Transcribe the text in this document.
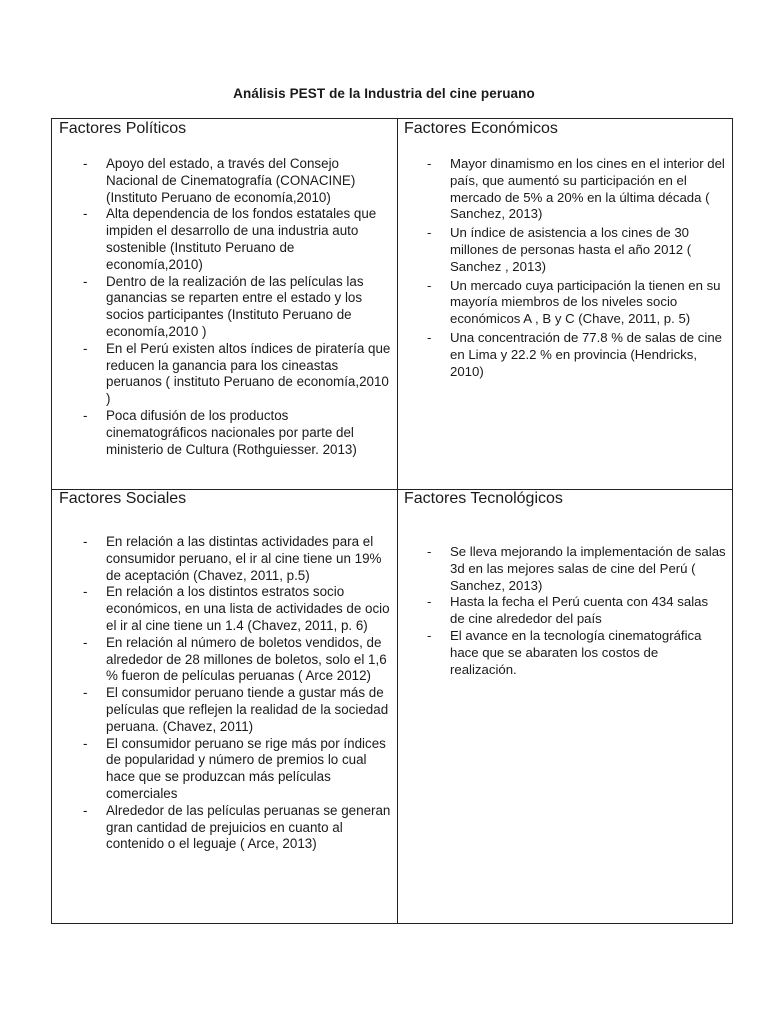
Análisis PEST de la Industria del cine peruano
Factores Políticos
-	Apoyo del estado, a través del Consejo Nacional de Cinematografía (CONACINE) (Instituto Peruano de economía,2010)
-	Alta dependencia de los fondos estatales que impiden el desarrollo de una industria auto sostenible (Instituto Peruano de economía,2010)
-	Dentro de la realización de las películas las ganancias se reparten entre el estado y los socios participantes (Instituto Peruano de economía,2010 )
-	En el Perú existen altos índices de piratería que reducen la ganancia para los cineastas peruanos ( instituto Peruano de economía,2010 )
-	Poca difusión de los productos cinematográficos nacionales por parte del ministerio de Cultura (Rothguiesser. 2013)
Factores Económicos
-	Mayor dinamismo en los cines en el interior del país, que aumentó su participación en el mercado de 5% a 20% en la última década ( Sanchez, 2013)
-	Un índice de asistencia a los cines de 30 millones de personas hasta el año 2012 ( Sanchez , 2013)
-	Un mercado cuya participación la tienen en su mayoría miembros de los niveles socio económicos A , B y C (Chave, 2011, p. 5)
-	Una concentración de 77.8 % de salas de cine en Lima y 22.2 % en provincia (Hendricks, 2010)
Factores Sociales
-	En relación a las distintas actividades para el consumidor peruano, el ir al cine tiene un 19% de aceptación (Chavez, 2011, p.5)
-	En relación a los distintos estratos socio económicos, en una lista de actividades de ocio el ir al cine tiene un 1.4 (Chavez, 2011, p. 6)
-	En relación al número de boletos vendidos, de alrededor de 28 millones de boletos, solo el 1,6 % fueron de películas peruanas ( Arce 2012)
-	El consumidor peruano tiende a gustar más de películas que reflejen la realidad de la sociedad peruana. (Chavez, 2011)
-	El consumidor peruano se rige más por índices de popularidad y número de premios lo cual hace que se produzcan más películas comerciales
-	Alrededor de las películas peruanas se generan gran cantidad de prejuicios en cuanto al contenido o el leguaje ( Arce, 2013)
Factores Tecnológicos
-	Se lleva mejorando la implementación de salas 3d en las mejores salas de cine del Perú ( Sanchez, 2013)
-	Hasta la fecha el Perú cuenta con 434 salas de cine alrededor del país
-	El avance en la tecnología cinematográfica hace que se abaraten los costos de realización.
